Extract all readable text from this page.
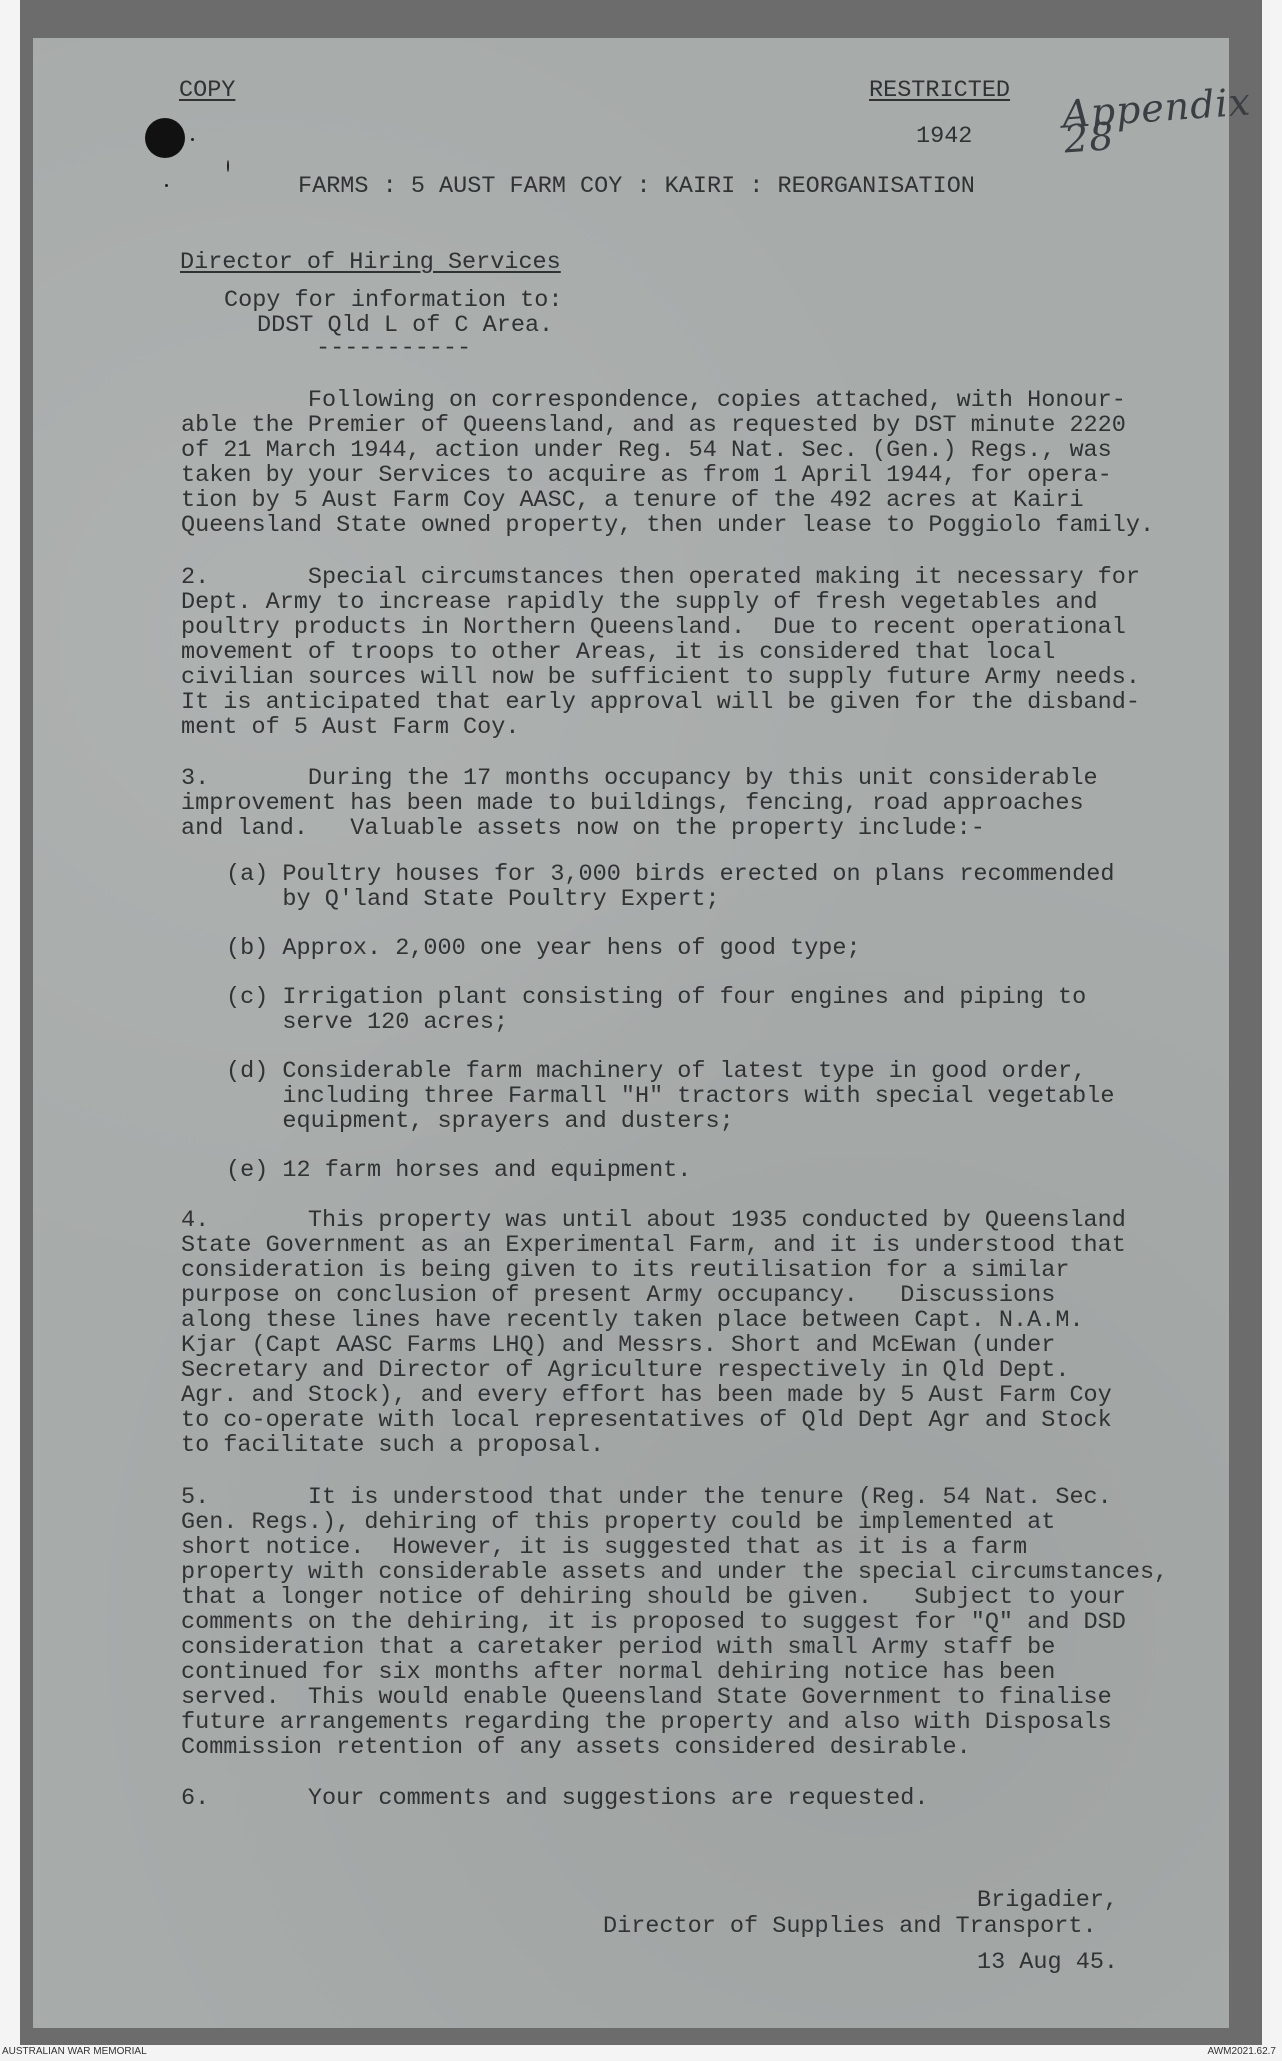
COPY	RESTRICTED Appendix 28
1942
FARMS : 5 AUST FARM COY : KAIRI : REORGANISATION
Director of Hiring Services
Copy for information to:
DDST Qld L of C Area.
-----------
Following on correspondence, copies attached, with Honour-
able the Premier of Queensland, and as requested by DST minute 2220
of 21 March 1944, action under Reg. 54 Nat. Sec. (Gen.) Regs., was
taken by your Services to acquire as from 1 April 1944, for opera-
tion by 5 Aust Farm Coy AASC, a tenure of the 492 acres at Kairi
Queensland State owned property, then under lease to Poggiolo family.
2.       Special circumstances then operated making it necessary for
Dept. Army to increase rapidly the supply of fresh vegetables and
poultry products in Northern Queensland.  Due to recent operational
movement of troops to other Areas, it is considered that local
civilian sources will now be sufficient to supply future Army needs.
It is anticipated that early approval will be given for the disband-
ment of 5 Aust Farm Coy.
3.       During the 17 months occupancy by this unit considerable
improvement has been made to buildings, fencing, road approaches
and land.   Valuable assets now on the property include:-
(a) Poultry houses for 3,000 birds erected on plans recommended
by Q'land State Poultry Expert;
(b) Approx. 2,000 one year hens of good type;
(c) Irrigation plant consisting of four engines and piping to
serve 120 acres;
(d) Considerable farm machinery of latest type in good order,
including three Farmall "H" tractors with special vegetable
equipment, sprayers and dusters;
(e) 12 farm horses and equipment.
4.       This property was until about 1935 conducted by Queensland
State Government as an Experimental Farm, and it is understood that
consideration is being given to its reutilisation for a similar
purpose on conclusion of present Army occupancy.   Discussions
along these lines have recently taken place between Capt. N.A.M.
Kjar (Capt AASC Farms LHQ) and Messrs. Short and McEwan (under
Secretary and Director of Agriculture respectively in Qld Dept.
Agr. and Stock), and every effort has been made by 5 Aust Farm Coy
to co-operate with local representatives of Qld Dept Agr and Stock
to facilitate such a proposal.
5.       It is understood that under the tenure (Reg. 54 Nat. Sec.
Gen. Regs.), dehiring of this property could be implemented at
short notice.  However, it is suggested that as it is a farm
property with considerable assets and under the special circumstances,
that a longer notice of dehiring should be given.   Subject to your
comments on the dehiring, it is proposed to suggest for "Q" and DSD
consideration that a caretaker period with small Army staff be
continued for six months after normal dehiring notice has been
served.  This would enable Queensland State Government to finalise
future arrangements regarding the property and also with Disposals
Commission retention of any assets considered desirable.
6.       Your comments and suggestions are requested.
Brigadier,
Director of Supplies and Transport.
13 Aug 45.
AUSTRALIAN WAR MEMORIAL	AWM2021.62.7
